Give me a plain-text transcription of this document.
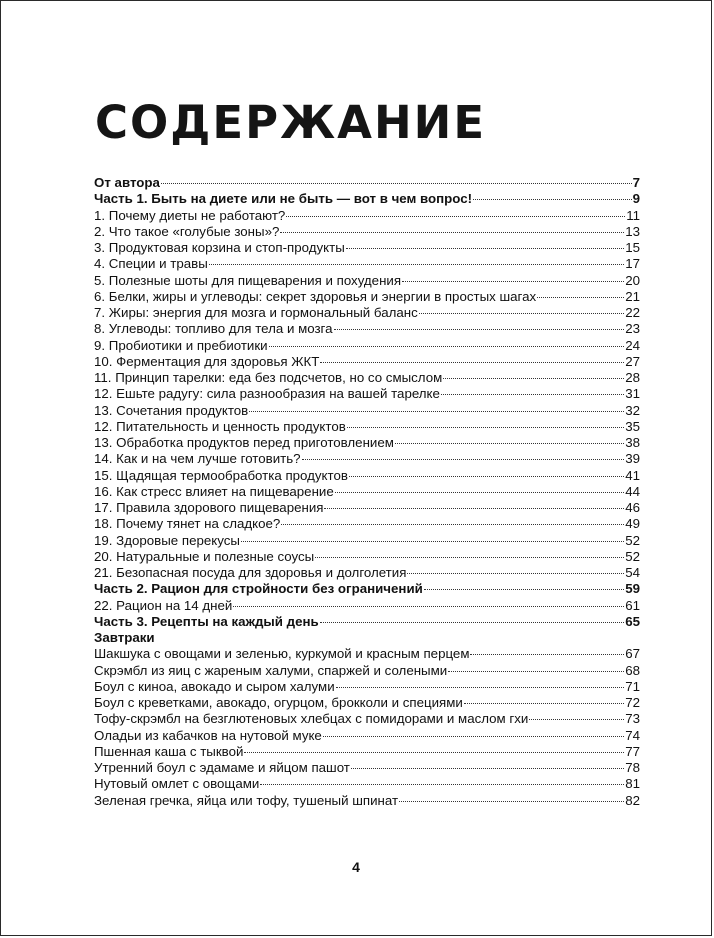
СОДЕРЖАНИЕ
От автора	7
Часть 1. Быть на диете или не быть — вот в чем вопрос!	9
1. Почему диеты не работают?	11
2. Что такое «голубые зоны»?	13
3. Продуктовая корзина и стоп-продукты	15
4. Специи и травы	17
5. Полезные шоты для пищеварения и похудения	20
6. Белки, жиры и углеводы: секрет здоровья и энергии в простых шагах	21
7. Жиры: энергия для мозга и гормональный баланс	22
8. Углеводы: топливо для тела и мозга	23
9. Пробиотики и пребиотики	24
10. Ферментация для здоровья ЖКТ	27
11. Принцип тарелки: еда без подсчетов, но со смыслом	28
12. Ешьте радугу: сила разнообразия на вашей тарелке	31
13. Сочетания продуктов	32
12. Питательность и ценность продуктов	35
13. Обработка продуктов перед приготовлением	38
14. Как и на чем лучше готовить?	39
15. Щадящая термообработка продуктов	41
16. Как стресс влияет на пищеварение	44
17. Правила здорового пищеварения	46
18. Почему тянет на сладкое?	49
19. Здоровые перекусы	52
20. Натуральные и полезные соусы	52
21. Безопасная посуда для здоровья и долголетия	54
Часть 2. Рацион для стройности без ограничений	59
22. Рацион на 14 дней	61
Часть 3. Рецепты на каждый день	65
Завтраки
Шакшука с овощами и зеленью, куркумой и красным перцем	67
Скрэмбл из яиц с жареным халуми, спаржей и солеными	68
Боул с киноа, авокадо и сыром халуми	71
Боул с креветками, авокадо, огурцом, брокколи и специями	72
Тофу-скрэмбл на безглютеновых хлебцах с помидорами и маслом гхи	73
Оладьи из кабачков на нутовой муке	74
Пшенная каша с тыквой	77
Утренний боул с эдамаме и яйцом пашот	78
Нутовый омлет с овощами	81
Зеленая гречка, яйца или тофу, тушеный шпинат	82
4
